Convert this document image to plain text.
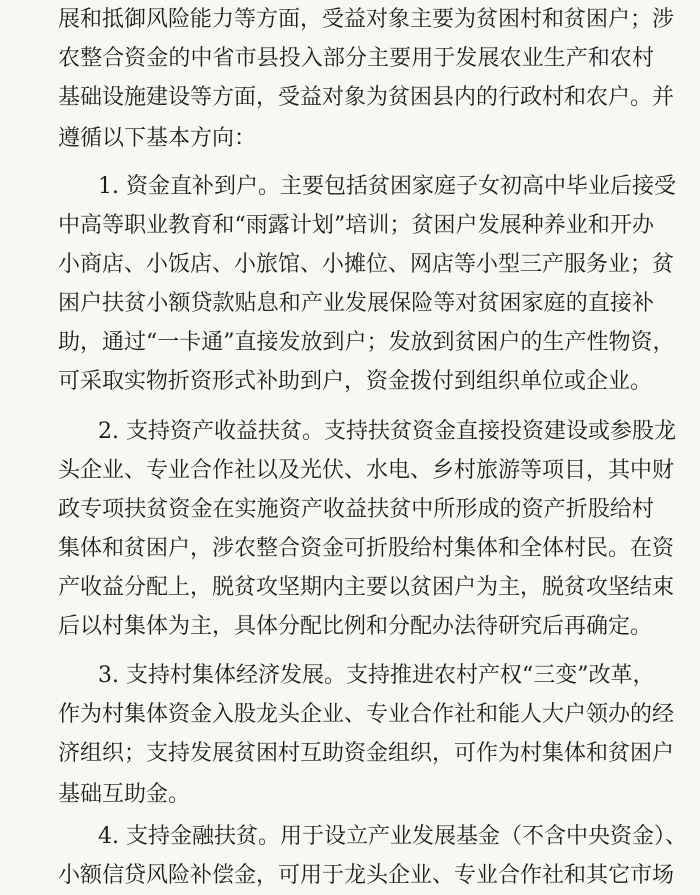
展和抵御风险能力等方面，受益对象主要为贫困村和贫困户；涉
农整合资金的中省市县投入部分主要用于发展农业生产和农村
基础设施建设等方面，受益对象为贫困县内的行政村和农户。并
遵循以下基本方向：
1. 资金直补到户。主要包括贫困家庭子女初高中毕业后接受
中高等职业教育和“雨露计划”培训；贫困户发展种养业和开办
小商店、小饭店、小旅馆、小摊位、网店等小型三产服务业；贫
困户扶贫小额贷款贴息和产业发展保险等对贫困家庭的直接补
助，通过“一卡通”直接发放到户；发放到贫困户的生产性物资，
可采取实物折资形式补助到户，资金拨付到组织单位或企业。
2. 支持资产收益扶贫。支持扶贫资金直接投资建设或参股龙
头企业、专业合作社以及光伏、水电、乡村旅游等项目，其中财
政专项扶贫资金在实施资产收益扶贫中所形成的资产折股给村
集体和贫困户，涉农整合资金可折股给村集体和全体村民。在资
产收益分配上，脱贫攻坚期内主要以贫困户为主，脱贫攻坚结束
后以村集体为主，具体分配比例和分配办法待研究后再确定。
3. 支持村集体经济发展。支持推进农村产权“三变”改革，
作为村集体资金入股龙头企业、专业合作社和能人大户领办的经
济组织；支持发展贫困村互助资金组织，可作为村集体和贫困户
基础互助金。
4. 支持金融扶贫。用于设立产业发展基金（不含中央资金）、
小额信贷风险补偿金，可用于龙头企业、专业合作社和其它市场
